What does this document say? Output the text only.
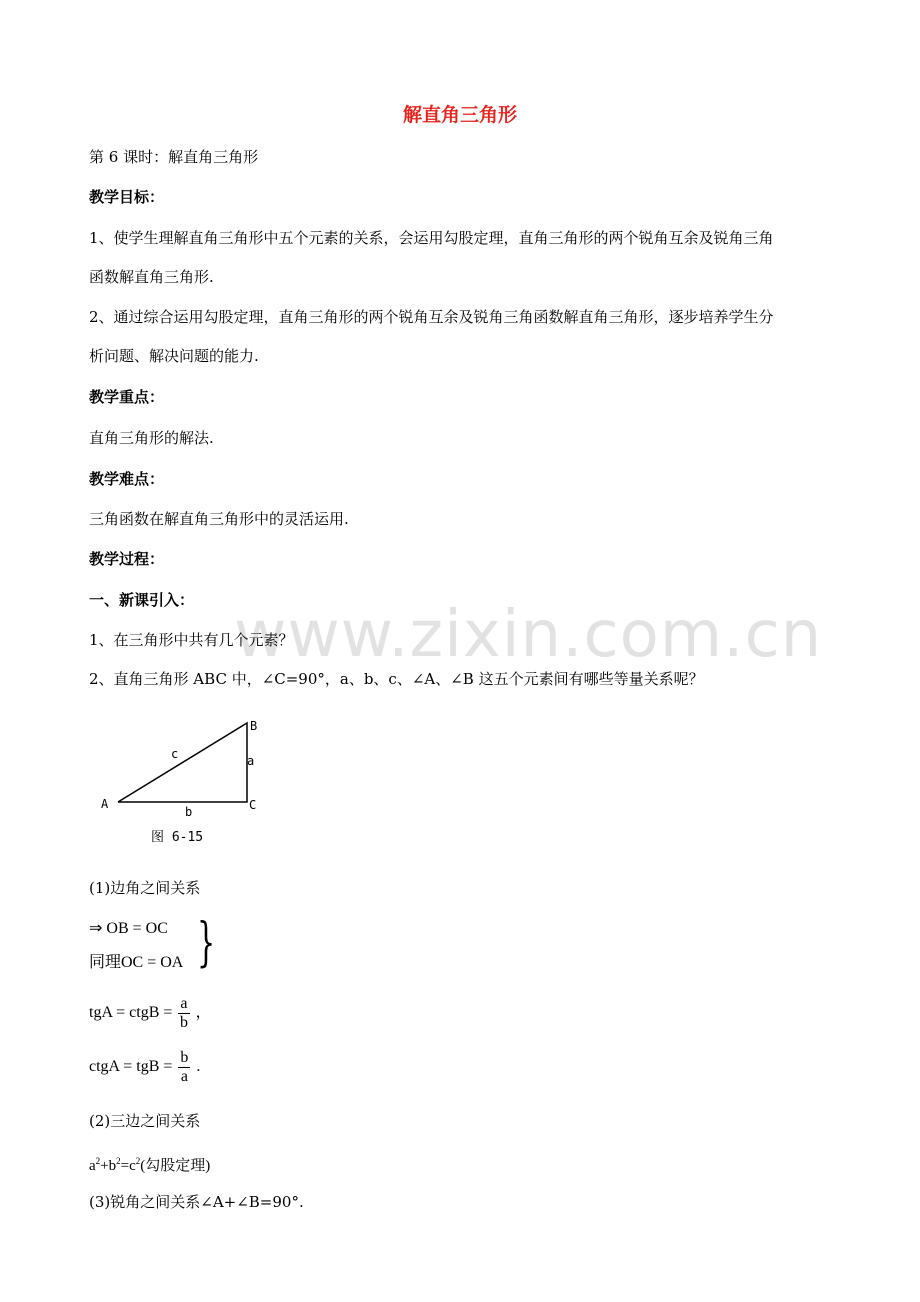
www.zixin.com.cn
解直角三角形
第 6 课时：解直角三角形
教学目标：
1、使学生理解直角三角形中五个元素的关系，会运用勾股定理，直角三角形的两个锐角互余及锐角三角
函数解直角三角形.
2、通过综合运用勾股定理，直角三角形的两个锐角互余及锐角三角函数解直角三角形，逐步培养学生分
析问题、解决问题的能力.
教学重点：
直角三角形的解法.
教学难点：
三角函数在解直角三角形中的灵活运用.
教学过程：
一、新课引入：
1、在三角形中共有几个元素？
2、直角三角形 ABC 中，∠C=90°，a、b、c、∠A、∠B 这五个元素间有哪些等量关系呢？
A
B
C
a
b
c
图 6-15
(1)边角之间关系
⇒ OB = OC
同理OC = OA }
tgA = ctgB = $\frac{a}{b}$ ，
ctgA = tgB = $\frac{b}{a}$ .
(2)三边之间关系
$a^2+b^2=c^2$(勾股定理)
(3)锐角之间关系∠A+∠B=90°.
